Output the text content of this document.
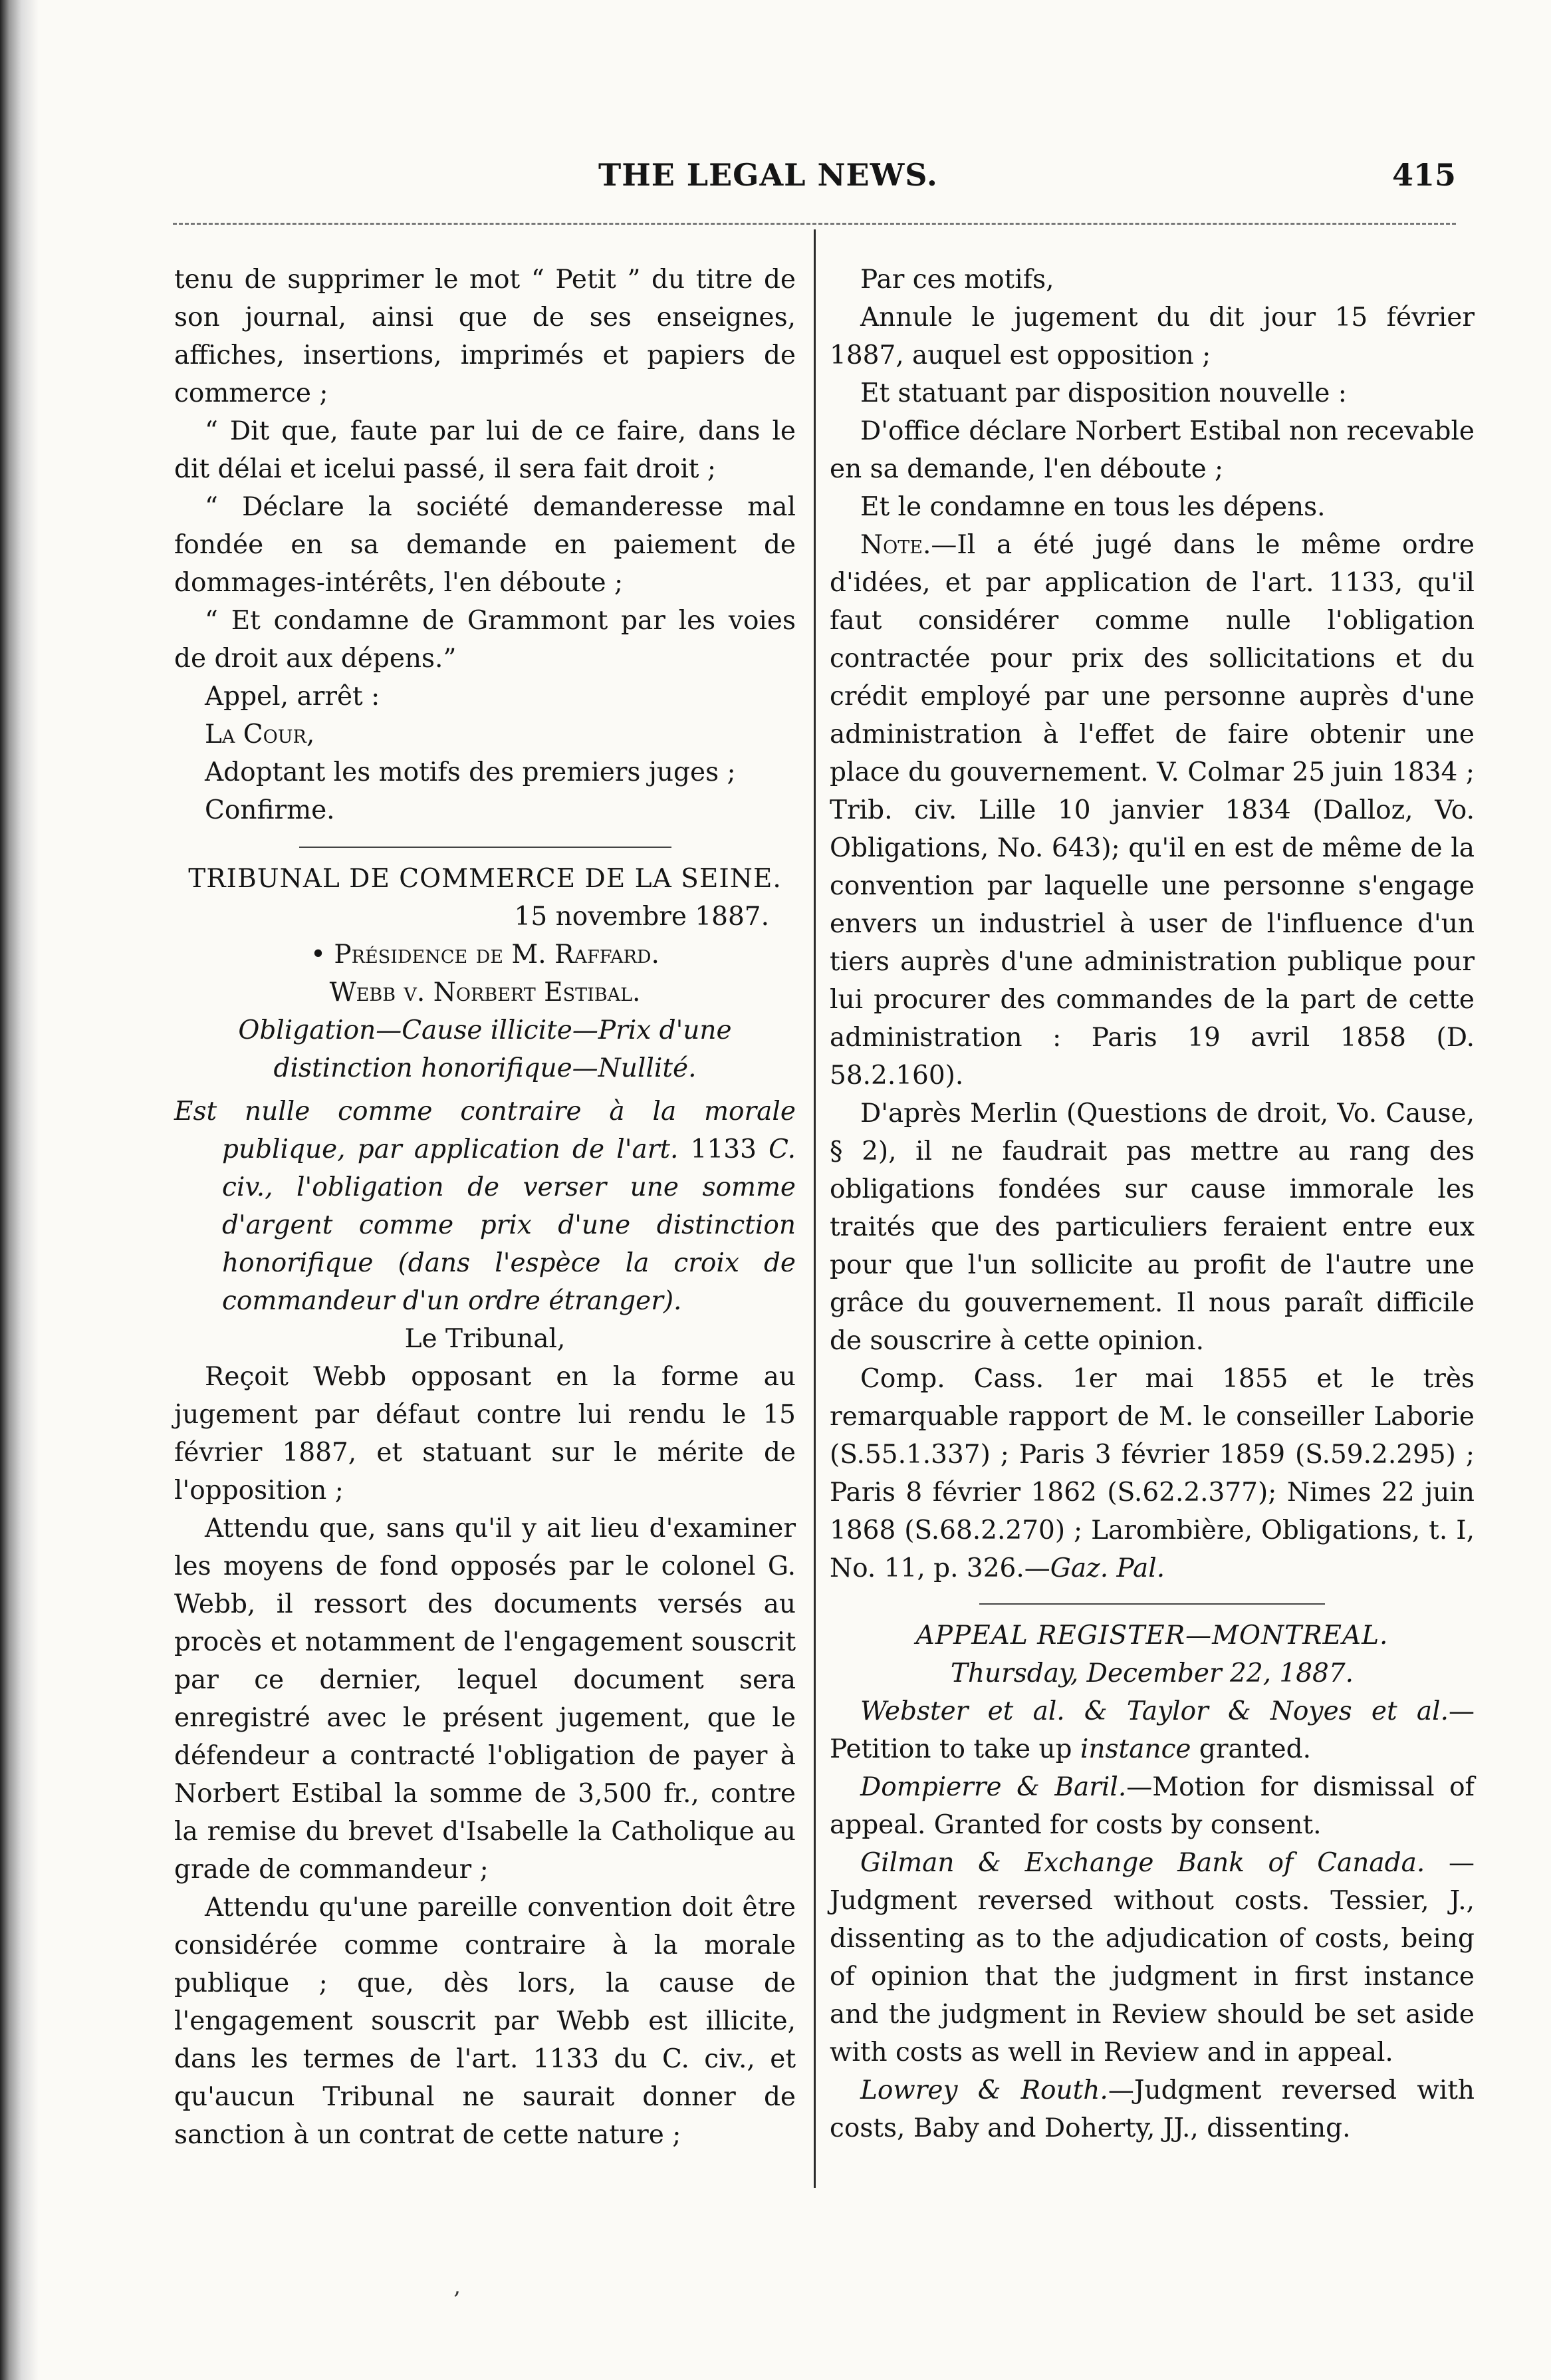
THE LEGAL NEWS.	415

tenu de supprimer le mot “ Petit ” du titre de son journal, ainsi que de ses enseignes, affiches, insertions, imprimés et papiers de commerce ;

“ Dit que, faute par lui de ce faire, dans le dit délai et icelui passé, il sera fait droit ;

“ Déclare la société demanderesse mal fondée en sa demande en paiement de dommages-intérêts, l'en déboute ;

“ Et condamne de Grammont par les voies de droit aux dépens.”

Appel, arrêt :

La Cour,

Adoptant les motifs des premiers juges ;

Confirme.

TRIBUNAL DE COMMERCE DE LA SEINE.

15 novembre 1887.

• Présidence de M. Raffard.

Webb v. Norbert Estibal.

Obligation—Cause illicite—Prix d'une distinction honorifique—Nullité.

Est nulle comme contraire à la morale publique, par application de l'art. 1133 C. civ., l'obligation de verser une somme d'argent comme prix d'une distinction honorifique (dans l'espèce la croix de commandeur d'un ordre étranger).

Le Tribunal,

Reçoit Webb opposant en la forme au jugement par défaut contre lui rendu le 15 février 1887, et statuant sur le mérite de l'opposition ;

Attendu que, sans qu'il y ait lieu d'examiner les moyens de fond opposés par le colonel G. Webb, il ressort des documents versés au procès et notamment de l'engagement souscrit par ce dernier, lequel document sera enregistré avec le présent jugement, que le défendeur a contracté l'obligation de payer à Norbert Estibal la somme de 3,500 fr., contre la remise du brevet d'Isabelle la Catholique au grade de commandeur ;

Attendu qu'une pareille convention doit être considérée comme contraire à la morale publique ; que, dès lors, la cause de l'engagement souscrit par Webb est illicite, dans les termes de l'art. 1133 du C. civ., et qu'aucun Tribunal ne saurait donner de sanction à un contrat de cette nature ;

Par ces motifs,

Annule le jugement du dit jour 15 février 1887, auquel est opposition ;

Et statuant par disposition nouvelle :

D'office déclare Norbert Estibal non recevable en sa demande, l'en déboute ;

Et le condamne en tous les dépens.

Note.—Il a été jugé dans le même ordre d'idées, et par application de l'art. 1133, qu'il faut considérer comme nulle l'obligation contractée pour prix des sollicitations et du crédit employé par une personne auprès d'une administration à l'effet de faire obtenir une place du gouvernement. V. Colmar 25 juin 1834 ; Trib. civ. Lille 10 janvier 1834 (Dalloz, Vo. Obligations, No. 643); qu'il en est de même de la convention par laquelle une personne s'engage envers un industriel à user de l'influence d'un tiers auprès d'une administration publique pour lui procurer des commandes de la part de cette administration : Paris 19 avril 1858 (D. 58.2.160).

D'après Merlin (Questions de droit, Vo. Cause, § 2), il ne faudrait pas mettre au rang des obligations fondées sur cause immorale les traités que des particuliers feraient entre eux pour que l'un sollicite au profit de l'autre une grâce du gouvernement. Il nous paraît difficile de souscrire à cette opinion.

Comp. Cass. 1er mai 1855 et le très remarquable rapport de M. le conseiller Laborie (S.55.1.337) ; Paris 3 février 1859 (S.59.2.295) ; Paris 8 février 1862 (S.62.2.377); Nimes 22 juin 1868 (S.68.2.270) ; Larombière, Obligations, t. I, No. 11, p. 326.—Gaz. Pal.

APPEAL REGISTER—MONTREAL.

Thursday, December 22, 1887.

Webster et al. & Taylor & Noyes et al.—Petition to take up instance granted.

Dompierre & Baril.—Motion for dismissal of appeal. Granted for costs by consent.

Gilman & Exchange Bank of Canada. — Judgment reversed without costs. Tessier, J., dissenting as to the adjudication of costs, being of opinion that the judgment in first instance and the judgment in Review should be set aside with costs as well in Review and in appeal.

Lowrey & Routh.—Judgment reversed with costs, Baby and Doherty, JJ., dissenting.

‚
